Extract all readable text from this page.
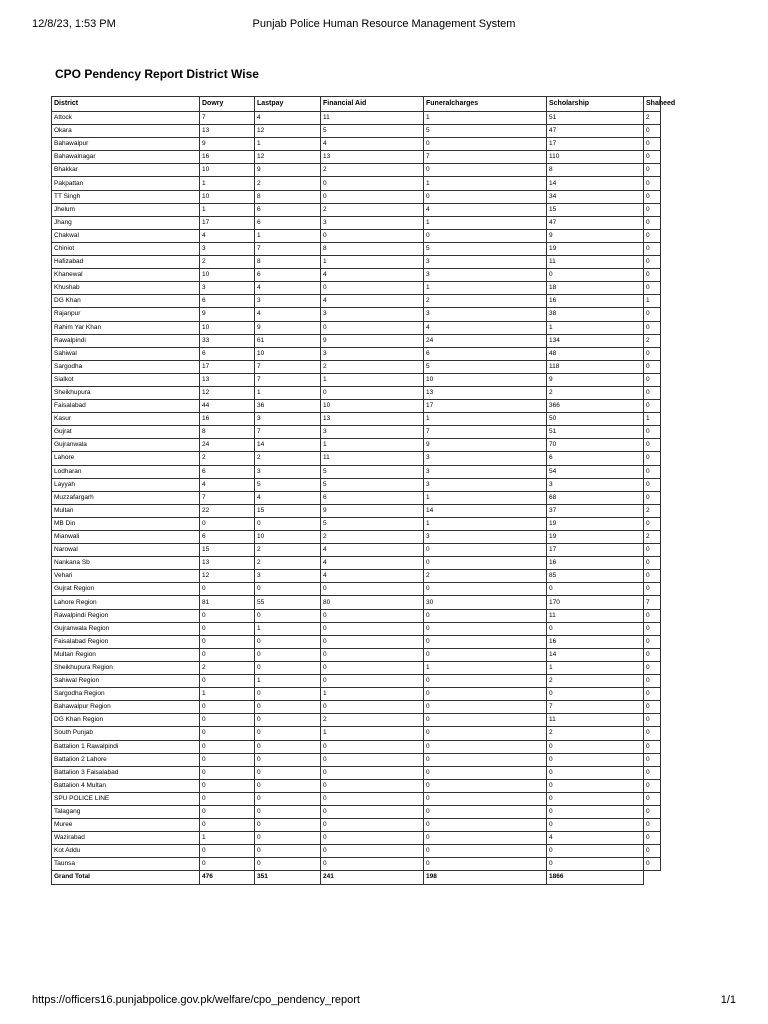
12/8/23, 1:53 PM	Punjab Police Human Resource Management System
CPO Pendency Report District Wise
District	Dowry	Lastpay	Financial Aid	Funeralcharges	Scholarship	Shaheed
Attock	7	4	11	1	51	2
Okara	13	12	5	5	47	0
Bahawalpur	9	1	4	0	17	0
Bahawalnagar	16	12	13	7	110	0
Bhakkar	10	9	2	0	8	0
Pakpattan	1	2	0	1	14	0
TT Singh	10	8	0	0	34	0
Jhelum	1	6	2	4	15	0
Jhang	17	6	3	1	47	0
Chakwal	4	1	0	0	9	0
Chiniot	3	7	8	5	19	0
Hafizabad	2	8	1	3	11	0
Khanewal	10	6	4	3	0	0
Khushab	3	4	0	1	18	0
DG Khan	6	3	4	2	16	1
Rajanpur	9	4	3	3	38	0
Rahim Yar Khan	10	9	0	4	1	0
Rawalpindi	33	61	9	24	134	2
Sahiwal	6	10	3	6	48	0
Sargodha	17	7	2	5	118	0
Sialkot	13	7	1	10	9	0
Sheikhupura	12	1	0	13	2	0
Faisalabad	44	36	10	17	366	0
Kasur	16	3	13	1	50	1
Gujrat	8	7	3	7	51	0
Gujranwala	24	14	1	9	70	0
Lahore	2	2	11	3	6	0
Lodharan	6	3	5	3	54	0
Layyah	4	5	5	3	3	0
Muzzafargarh	7	4	6	1	68	0
Multan	22	15	9	14	37	2
MB Din	0	0	5	1	19	0
Mianwali	6	10	2	3	19	2
Narowal	15	2	4	0	17	0
Nankana Sb	13	2	4	0	16	0
Vehari	12	3	4	2	85	0
Gujrat Region	0	0	0	0	0	0
Lahore Region	81	55	80	30	170	7
Rawalpindi Region	0	0	0	0	11	0
Gujranwala Region	0	1	0	0	0	0
Faisalabad Region	0	0	0	0	16	0
Multan Region	0	0	0	0	14	0
Sheikhupura Region	2	0	0	1	1	0
Sahiwal Region	0	1	0	0	2	0
Sargodha Region	1	0	1	0	0	0
Bahawalpur Region	0	0	0	0	7	0
DG Khan Region	0	0	2	0	11	0
South Punjab	0	0	1	0	2	0
Battalion 1 Rawalpindi	0	0	0	0	0	0
Battalion 2 Lahore	0	0	0	0	0	0
Battalion 3 Faisalabad	0	0	0	0	0	0
Battalion 4 Multan	0	0	0	0	0	0
SPU POLICE LINE	0	0	0	0	0	0
Talagang	0	0	0	0	0	0
Muree	0	0	0	0	0	0
Wazirabad	1	0	0	0	4	0
Kot Addu	0	0	0	0	0	0
Taunsa	0	0	0	0	0	0
Grand Total	476	351	241	198	1866	
https://officers16.punjabpolice.gov.pk/welfare/cpo_pendency_report	1/1
